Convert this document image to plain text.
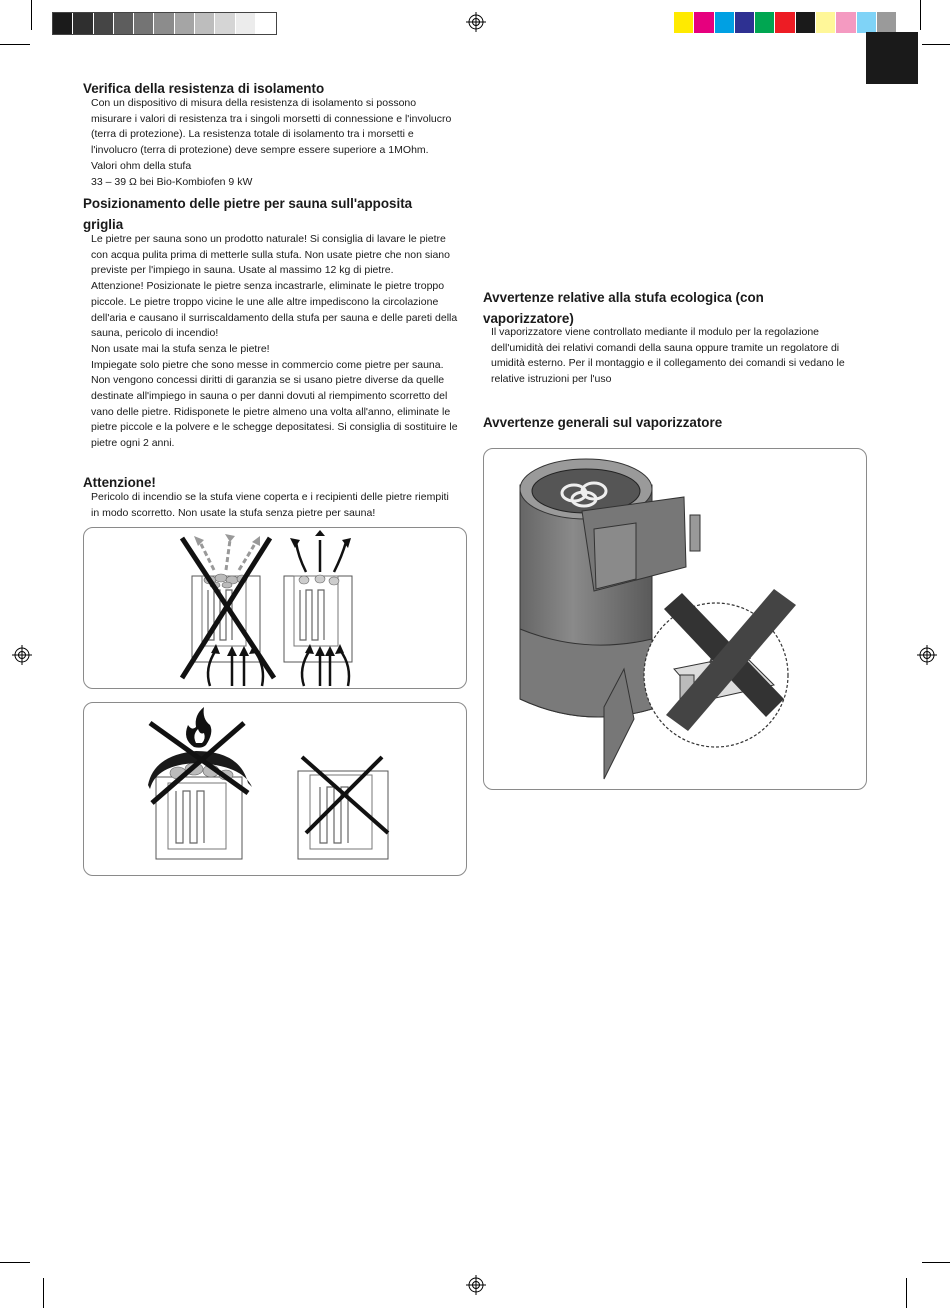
Verifica della resistenza di isolamento

Con un dispositivo di misura della resistenza di isolamento si possono
misurare i valori di resistenza tra i singoli morsetti di connessione e l'involucro
(terra di protezione). La resistenza totale di isolamento tra i morsetti e
l'involucro (terra di protezione) deve sempre essere superiore a 1MOhm.
Valori ohm della stufa
33 – 39 Ω bei Bio-Kombiofen 9 kW

Posizionamento delle pietre per sauna sull'apposita
griglia

Le pietre per sauna sono un prodotto naturale! Si consiglia di lavare le pietre
con acqua pulita prima di metterle sulla stufa. Non usate pietre che non siano
previste per l'impiego in sauna. Usate al massimo 12 kg di pietre.
Attenzione! Posizionate le pietre senza incastrarle, eliminate le pietre troppo
piccole. Le pietre troppo vicine le une alle altre impediscono la circolazione
dell'aria e causano il surriscaldamento della stufa per sauna e delle pareti della
sauna, pericolo di incendio!
Non usate mai la stufa senza le pietre!
Impiegate solo pietre che sono messe in commercio come pietre per sauna.
Non vengono concessi diritti di garanzia se si usano pietre diverse da quelle
destinate all'impiego in sauna o per danni dovuti al riempimento scorretto del
vano delle pietre. Ridisponete le pietre almeno una volta all'anno, eliminate le
pietre piccole e la polvere e le schegge depositatesi. Si consiglia di sostituire le
pietre ogni 2 anni.

Attenzione!

Pericolo di incendio se la stufa viene coperta e i recipienti delle pietre riempiti
in modo scorretto. Non usate la stufa senza pietre per sauna!

Avvertenze relative alla stufa ecologica (con
vaporizzatore)

Il vaporizzatore viene controllato mediante il modulo per la regolazione
dell'umidità dei relativi comandi della sauna oppure tramite un regolatore di
umidità esterno. Per il montaggio e il collegamento dei comandi si vedano le
relative istruzioni per l'uso

Avvertenze generali sul vaporizzatore
